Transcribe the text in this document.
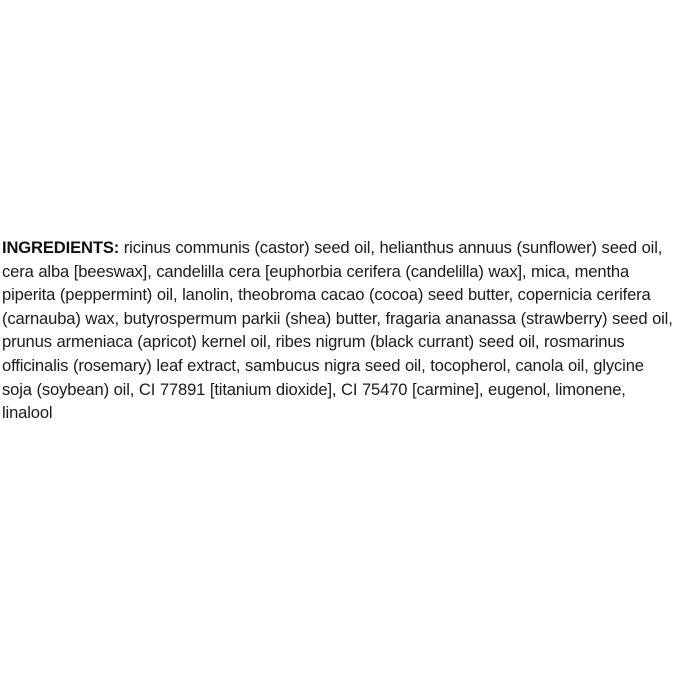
INGREDIENTS: ricinus communis (castor) seed oil, helianthus annuus (sunflower) seed oil, cera alba [beeswax], candelilla cera [euphorbia cerifera (candelilla) wax], mica, mentha piperita (peppermint) oil, lanolin, theobroma cacao (cocoa) seed butter, copernicia cerifera (carnauba) wax, butyrospermum parkii (shea) butter, fragaria ananassa (strawberry) seed oil, prunus armeniaca (apricot) kernel oil, ribes nigrum (black currant) seed oil, rosmarinus officinalis (rosemary) leaf extract, sambucus nigra seed oil, tocopherol, canola oil, glycine soja (soybean) oil, CI 77891 [titanium dioxide], CI 75470 [carmine], eugenol, limonene, linalool
